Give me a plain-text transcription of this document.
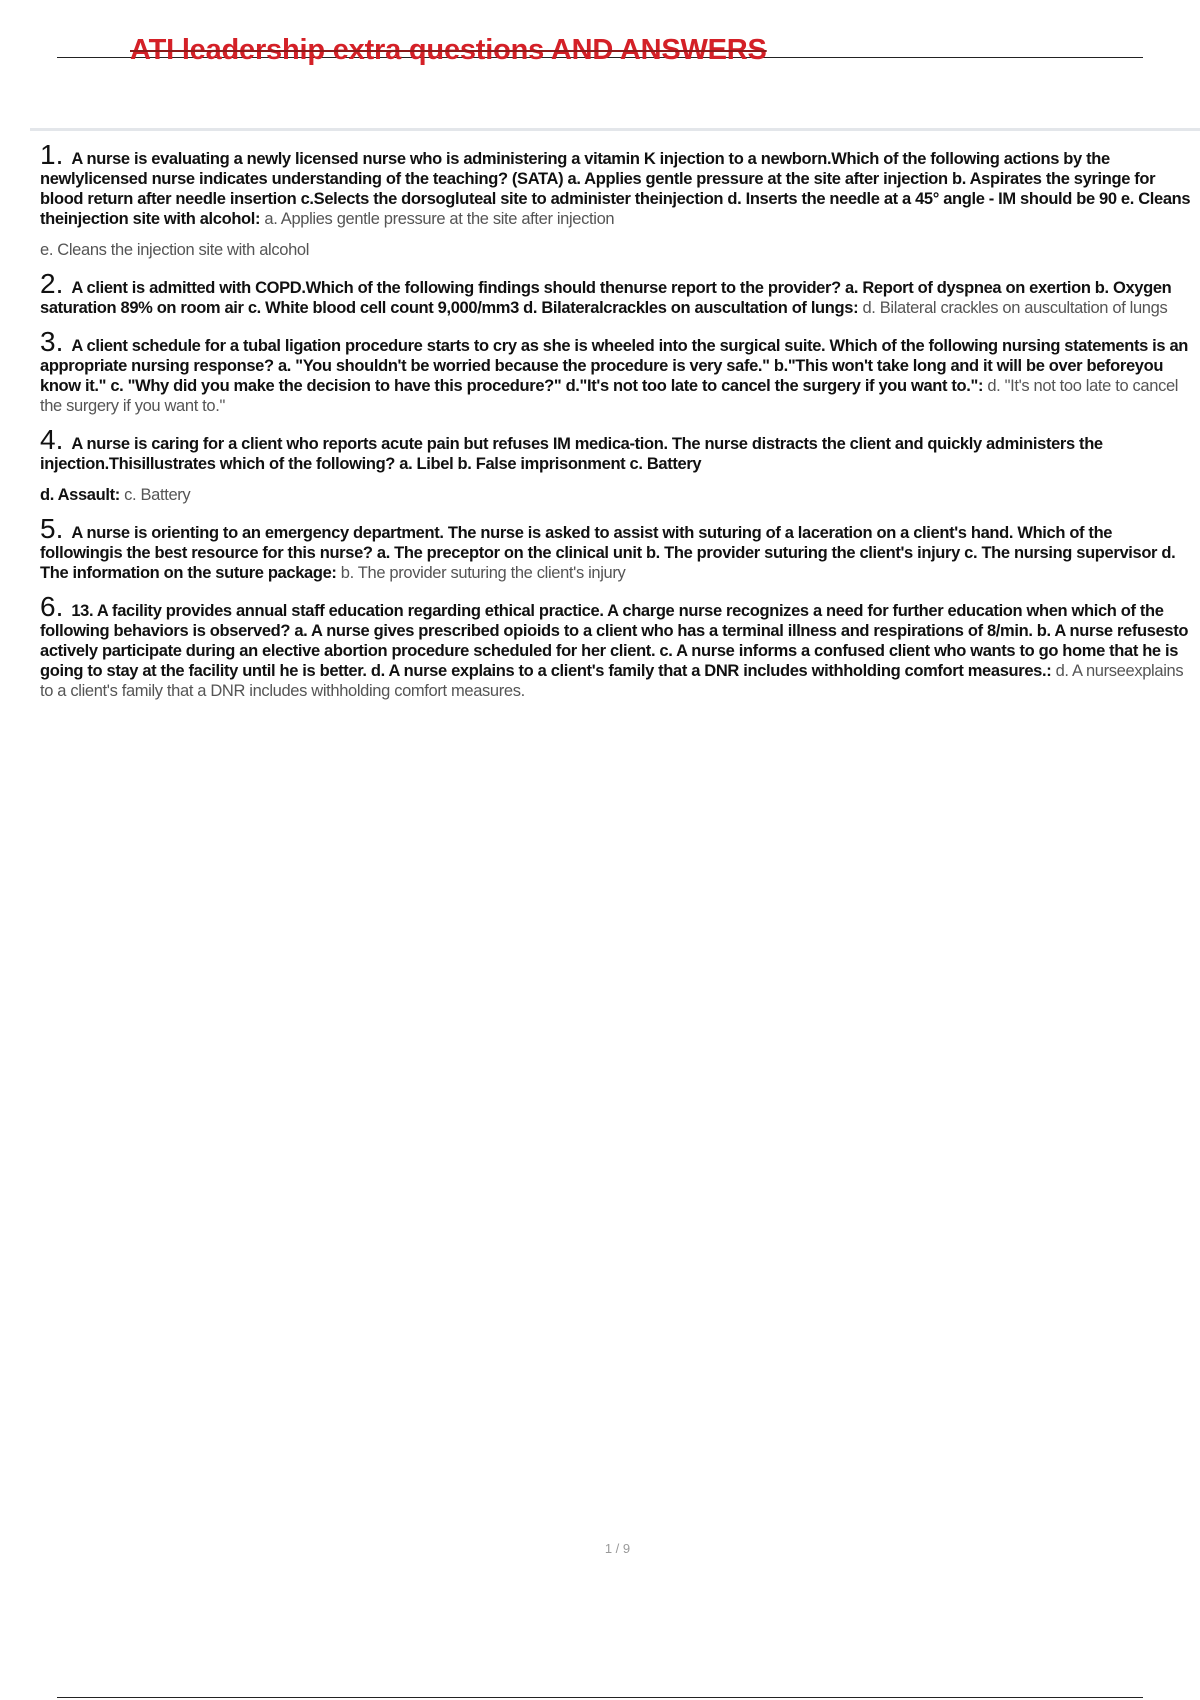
ATI leadership extra questions AND ANSWERS

1. A nurse is evaluating a newly licensed nurse who is administering a vitamin K injection to a newborn.Which of the following actions by the newlylicensed nurse indicates understanding of the teaching? (SATA) a. Applies gentle pressure at the site after injection b. Aspirates the syringe for blood return after needle insertion c.Selects the dorsogluteal site to administer theinjection d. Inserts the needle at a 45° angle - IM should be 90 e. Cleans theinjection site with alcohol: a. Applies gentle pressure at the site after injection

e. Cleans the injection site with alcohol

2. A client is admitted with COPD.Which of the following findings should thenurse report to the provider? a. Report of dyspnea on exertion b. Oxygen saturation 89% on room air c. White blood cell count 9,000/mm3 d. Bilateralcrackles on auscultation of lungs: d. Bilateral crackles on auscultation of lungs

3. A client schedule for a tubal ligation procedure starts to cry as she is wheeled into the surgical suite. Which of the following nursing statements is an appropriate nursing response? a. "You shouldn't be worried because the procedure is very safe." b."This won't take long and it will be over beforeyou know it." c. "Why did you make the decision to have this procedure?" d."It's not too late to cancel the surgery if you want to.": d. "It's not too late to cancel the surgery if you want to."

4. A nurse is caring for a client who reports acute pain but refuses IM medica-tion. The nurse distracts the client and quickly administers the injection.Thisillustrates which of the following? a. Libel b. False imprisonment c. Battery

d. Assault: c. Battery

5. A nurse is orienting to an emergency department. The nurse is asked to assist with suturing of a laceration on a client's hand. Which of the followingis the best resource for this nurse? a. The preceptor on the clinical unit b. The provider suturing the client's injury c. The nursing supervisor d. The information on the suture package: b. The provider suturing the client's injury

6. 13. A facility provides annual staff education regarding ethical practice. A charge nurse recognizes a need for further education when which of the following behaviors is observed? a. A nurse gives prescribed opioids to a client who has a terminal illness and respirations of 8/min. b. A nurse refusesto actively participate during an elective abortion procedure scheduled for her client. c. A nurse informs a confused client who wants to go home that he is going to stay at the facility until he is better. d. A nurse explains to a client's family that a DNR includes withholding comfort measures.: d. A nurseexplains to a client's family that a DNR includes withholding comfort measures.

1 / 9
